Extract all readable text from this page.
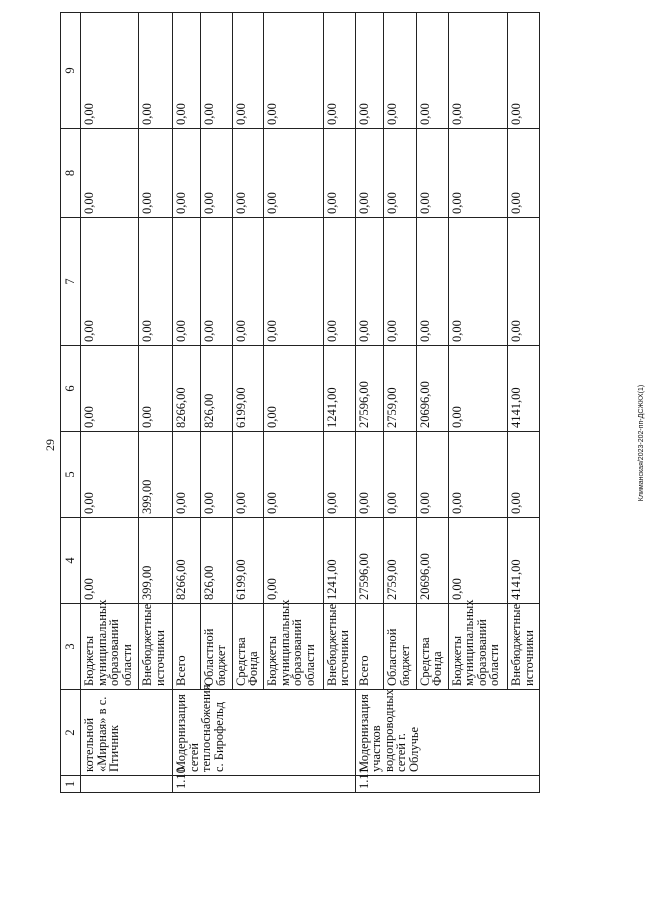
29	Климанская/2023-202-пп-ДСЖКХ(1)
1	2	3	4	5	6	7	8	9
	котельной «Мирная» в с. Птичник	Бюджеты муниципальных образований области	0,00	0,00	0,00	0,00	0,00	0,00
		Внебюджетные источники	399,00	399,00	0,00	0,00	0,00	0,00
1.10	Модернизация сетей теплоснабжения с. Бирофельд	Всего	8266,00	0,00	8266,00	0,00	0,00	0,00
		Областной бюджет	826,00	0,00	826,00	0,00	0,00	0,00
		Средства Фонда	6199,00	0,00	6199,00	0,00	0,00	0,00
		Бюджеты муниципальных образований области	0,00	0,00	0,00	0,00	0,00	0,00
		Внебюджетные источники	1241,00	0,00	1241,00	0,00	0,00	0,00
1.11	Модернизация участков водопроводных сетей г. Облучье	Всего	27596,00	0,00	27596,00	0,00	0,00	0,00
		Областной бюджет	2759,00	0,00	2759,00	0,00	0,00	0,00
		Средства Фонда	20696,00	0,00	20696,00	0,00	0,00	0,00
		Бюджеты муниципальных образований области	0,00	0,00	0,00	0,00	0,00	0,00
		Внебюджетные источники	4141,00	0,00	4141,00	0,00	0,00	0,00
